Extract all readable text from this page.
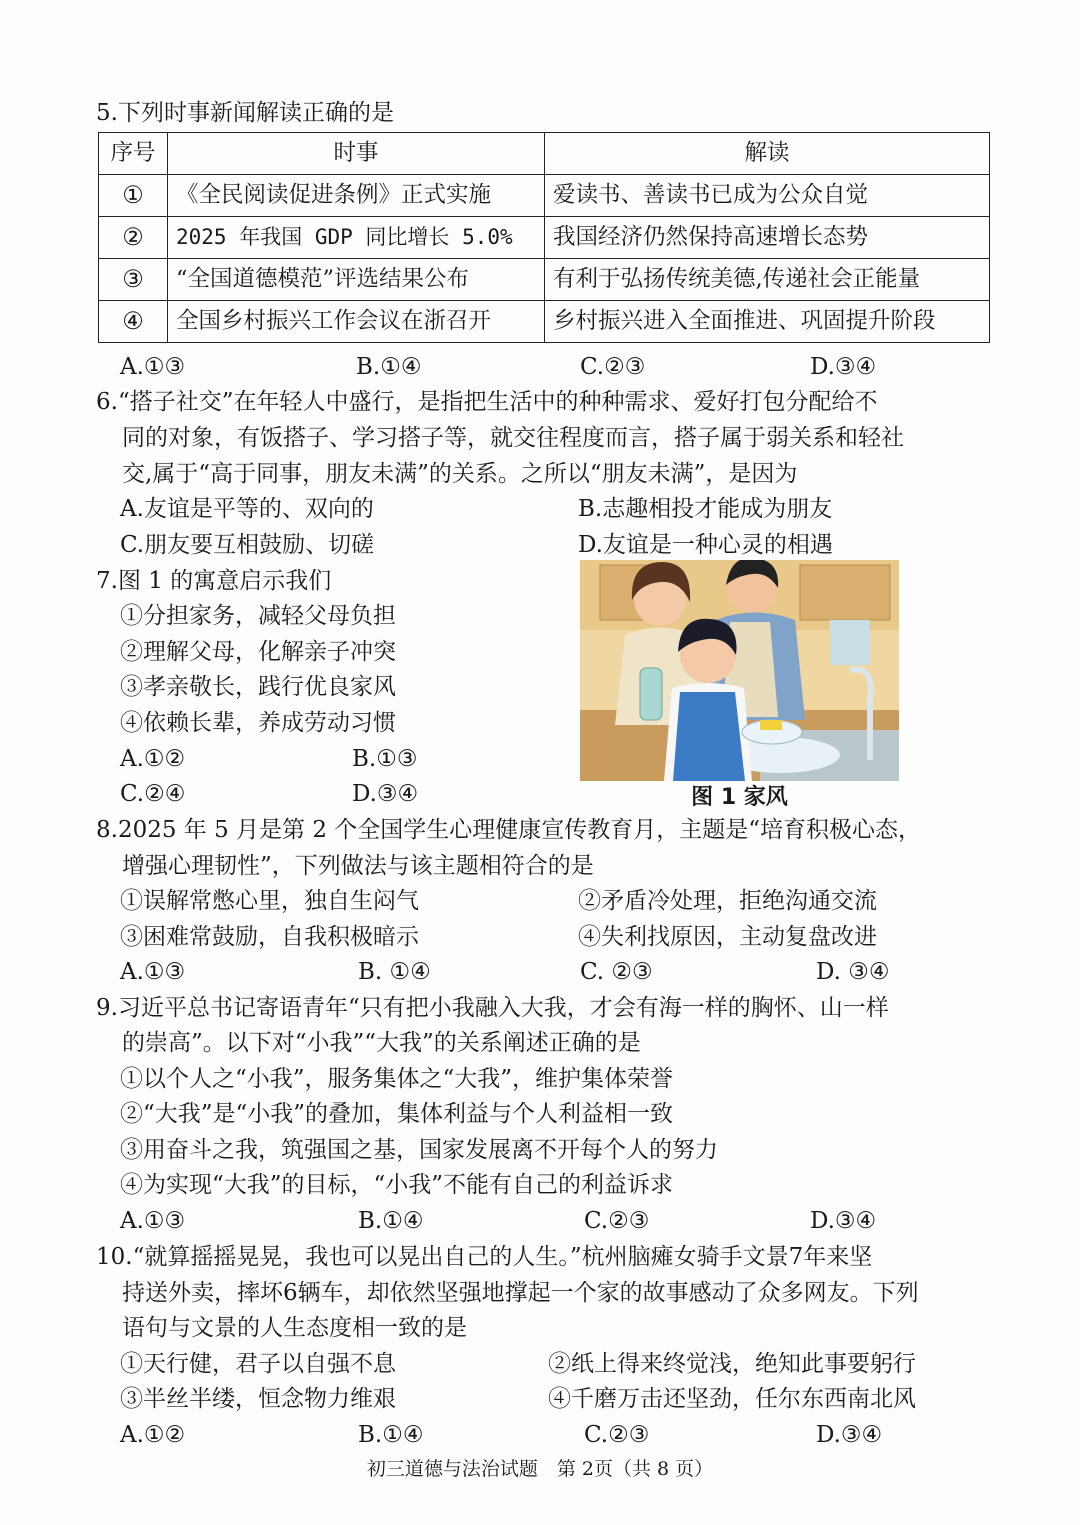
5.下列时事新闻解读正确的是
序号	时事	解读
①	《全民阅读促进条例》正式实施	爱读书、善读书已成为公众自觉
②	2025 年我国 GDP 同比增长 5.0%	我国经济仍然保持高速增长态势
③	“全国道德模范”评选结果公布	有利于弘扬传统美德,传递社会正能量
④	全国乡村振兴工作会议在浙召开	乡村振兴进入全面推进、巩固提升阶段
A.①③	B.①④	C.②③	D.③④
6.“搭子社交”在年轻人中盛行，是指把生活中的种种需求、爱好打包分配给不
同的对象，有饭搭子、学习搭子等，就交往程度而言，搭子属于弱关系和轻社
交,属于“高于同事，朋友未满”的关系。之所以“朋友未满”，是因为
A.友谊是平等的、双向的	B.志趣相投才能成为朋友
C.朋友要互相鼓励、切磋	D.友谊是一种心灵的相遇
7.图 1 的寓意启示我们
①分担家务，减轻父母负担
②理解父母，化解亲子冲突
③孝亲敬长，践行优良家风
④依赖长辈，养成劳动习惯
A.①②	B.①③
C.②④	D.③④	图 1 家风
8.2025 年 5 月是第 2 个全国学生心理健康宣传教育月，主题是“培育积极心态，
增强心理韧性”，下列做法与该主题相符合的是
①误解常憋心里，独自生闷气	②矛盾冷处理，拒绝沟通交流
③困难常鼓励，自我积极暗示	④失利找原因，主动复盘改进
A.①③	B. ①④	C. ②③	D. ③④
9.习近平总书记寄语青年“只有把小我融入大我，才会有海一样的胸怀、山一样
的崇高”。以下对“小我”“大我”的关系阐述正确的是
①以个人之“小我”，服务集体之“大我”，维护集体荣誉
②“大我”是“小我”的叠加，集体利益与个人利益相一致
③用奋斗之我，筑强国之基，国家发展离不开每个人的努力
④为实现“大我”的目标，“小我”不能有自己的利益诉求
A.①③	B.①④	C.②③	D.③④
10.“就算摇摇晃晃，我也可以晃出自己的人生。”杭州脑瘫女骑手文景7年来坚
持送外卖，摔坏6辆车，却依然坚强地撑起一个家的故事感动了众多网友。下列
语句与文景的人生态度相一致的是
①天行健，君子以自强不息	②纸上得来终觉浅，绝知此事要躬行
③半丝半缕，恒念物力维艰	④千磨万击还坚劲，任尔东西南北风
A.①②	B.①④	C.②③	D.③④
初三道德与法治试题　第 2页（共 8 页）
